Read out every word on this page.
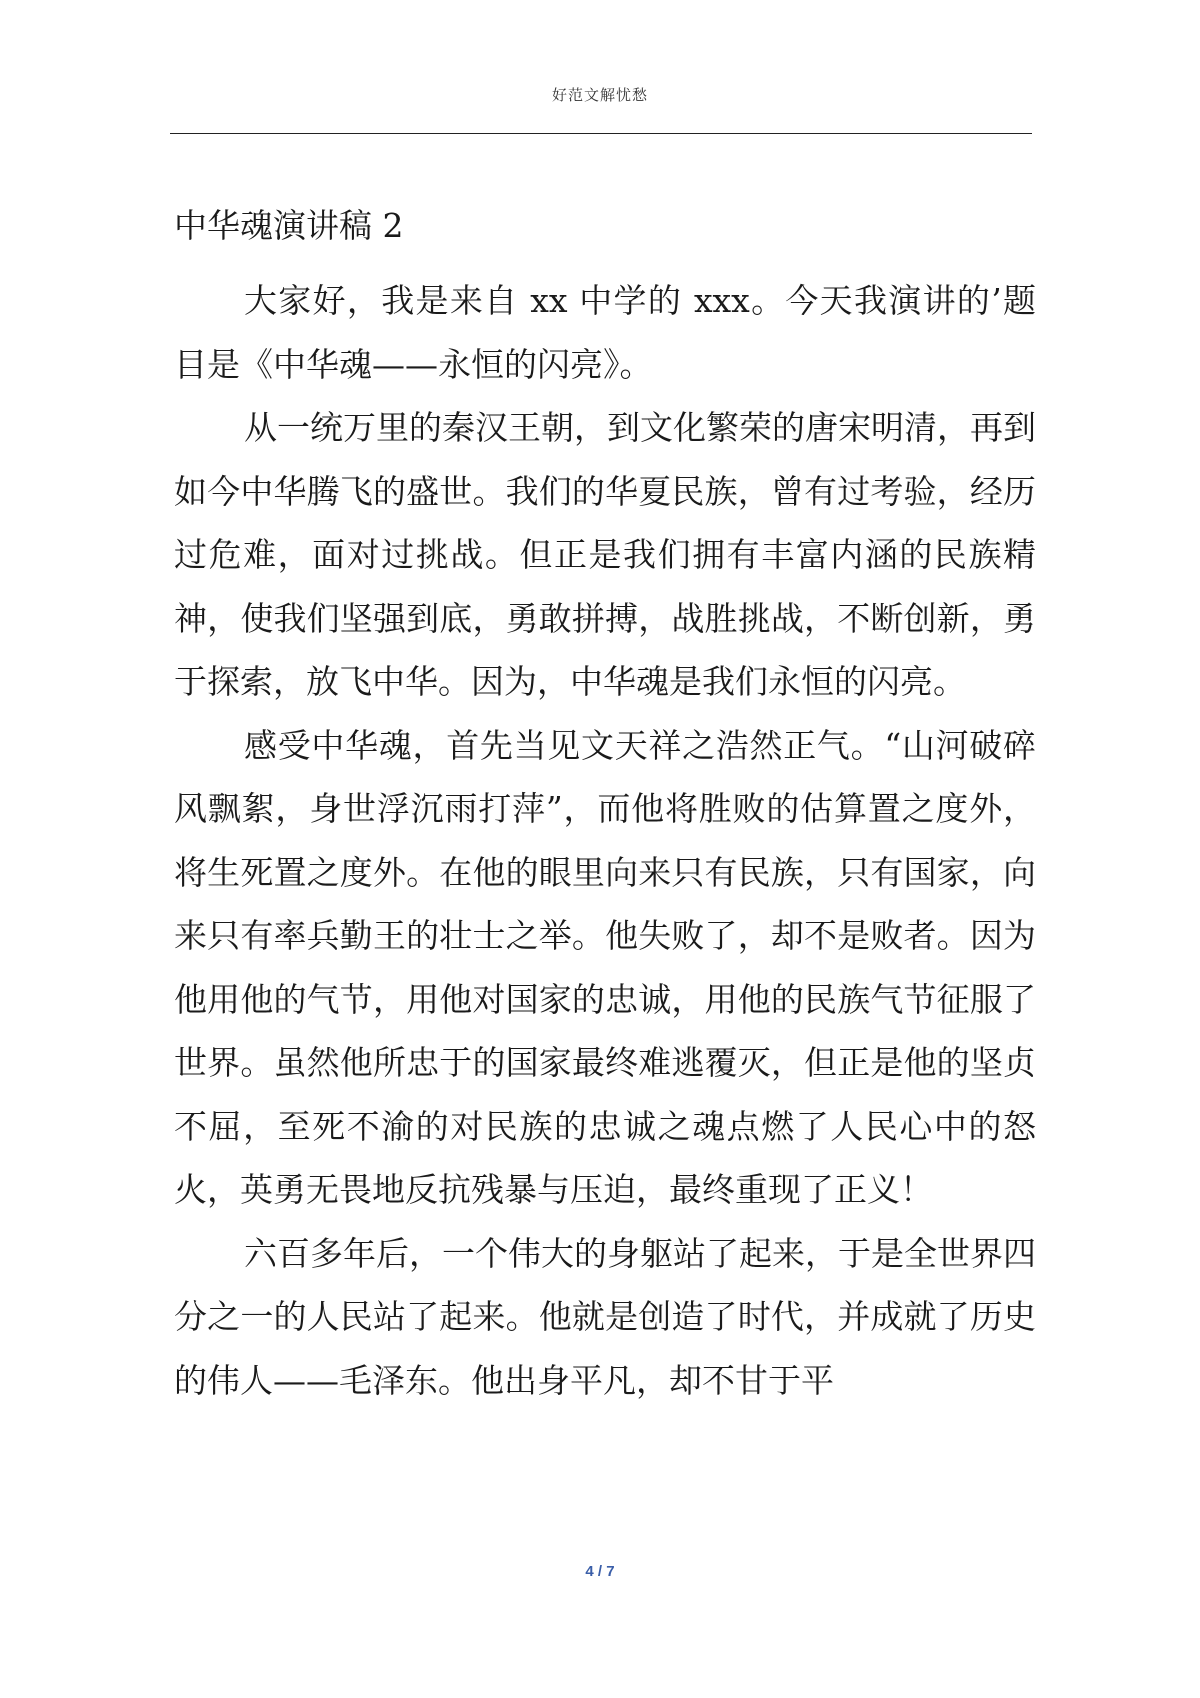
好范文解忧愁
中华魂演讲稿 2

大家好，我是来自 xx 中学的 xxx。今天我演讲的’题目是《中华魂——永恒的闪亮》。

从一统万里的秦汉王朝，到文化繁荣的唐宋明清，再到如今中华腾飞的盛世。我们的华夏民族，曾有过考验，经历过危难，面对过挑战。但正是我们拥有丰富内涵的民族精神，使我们坚强到底，勇敢拼搏，战胜挑战，不断创新，勇于探索，放飞中华。因为，中华魂是我们永恒的闪亮。

感受中华魂，首先当见文天祥之浩然正气。“山河破碎风飘絮，身世浮沉雨打萍”，而他将胜败的估算置之度外，将生死置之度外。在他的眼里向来只有民族，只有国家，向来只有率兵勤王的壮士之举。他失败了，却不是败者。因为他用他的气节，用他对国家的忠诚，用他的民族气节征服了世界。虽然他所忠于的国家最终难逃覆灭，但正是他的坚贞不屈，至死不渝的对民族的忠诚之魂点燃了人民心中的怒火，英勇无畏地反抗残暴与压迫，最终重现了正义！

六百多年后，一个伟大的身躯站了起来，于是全世界四分之一的人民站了起来。他就是创造了时代，并成就了历史的伟人——毛泽东。他出身平凡，却不甘于平

4 / 7
